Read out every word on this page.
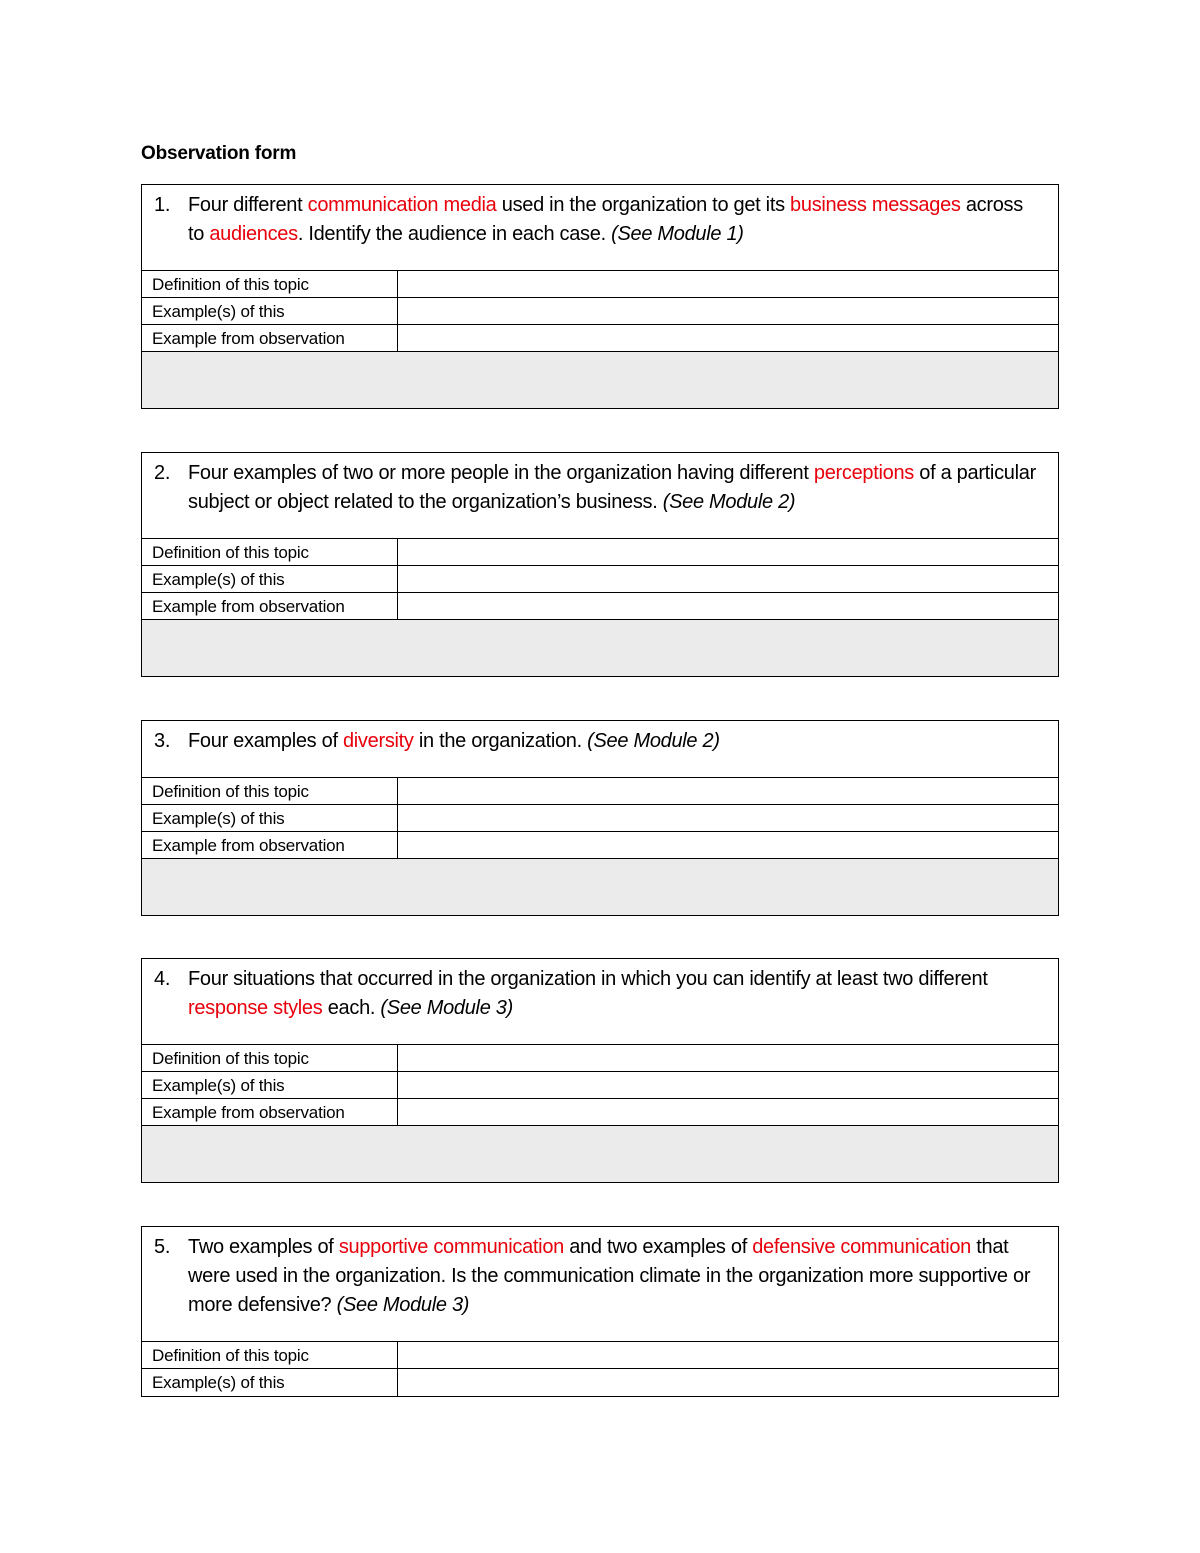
Observation form
1. Four different communication media used in the organization to get its business messages across to audiences. Identify the audience in each case. (See Module 1)
Definition of this topic
Example(s) of this
Example from observation
2. Four examples of two or more people in the organization having different perceptions of a particular subject or object related to the organization’s business. (See Module 2)
Definition of this topic
Example(s) of this
Example from observation
3. Four examples of diversity in the organization. (See Module 2)
Definition of this topic
Example(s) of this
Example from observation
4. Four situations that occurred in the organization in which you can identify at least two different response styles each. (See Module 3)
Definition of this topic
Example(s) of this
Example from observation
5. Two examples of supportive communication and two examples of defensive communication that were used in the organization. Is the communication climate in the organization more supportive or more defensive? (See Module 3)
Definition of this topic
Example(s) of this
